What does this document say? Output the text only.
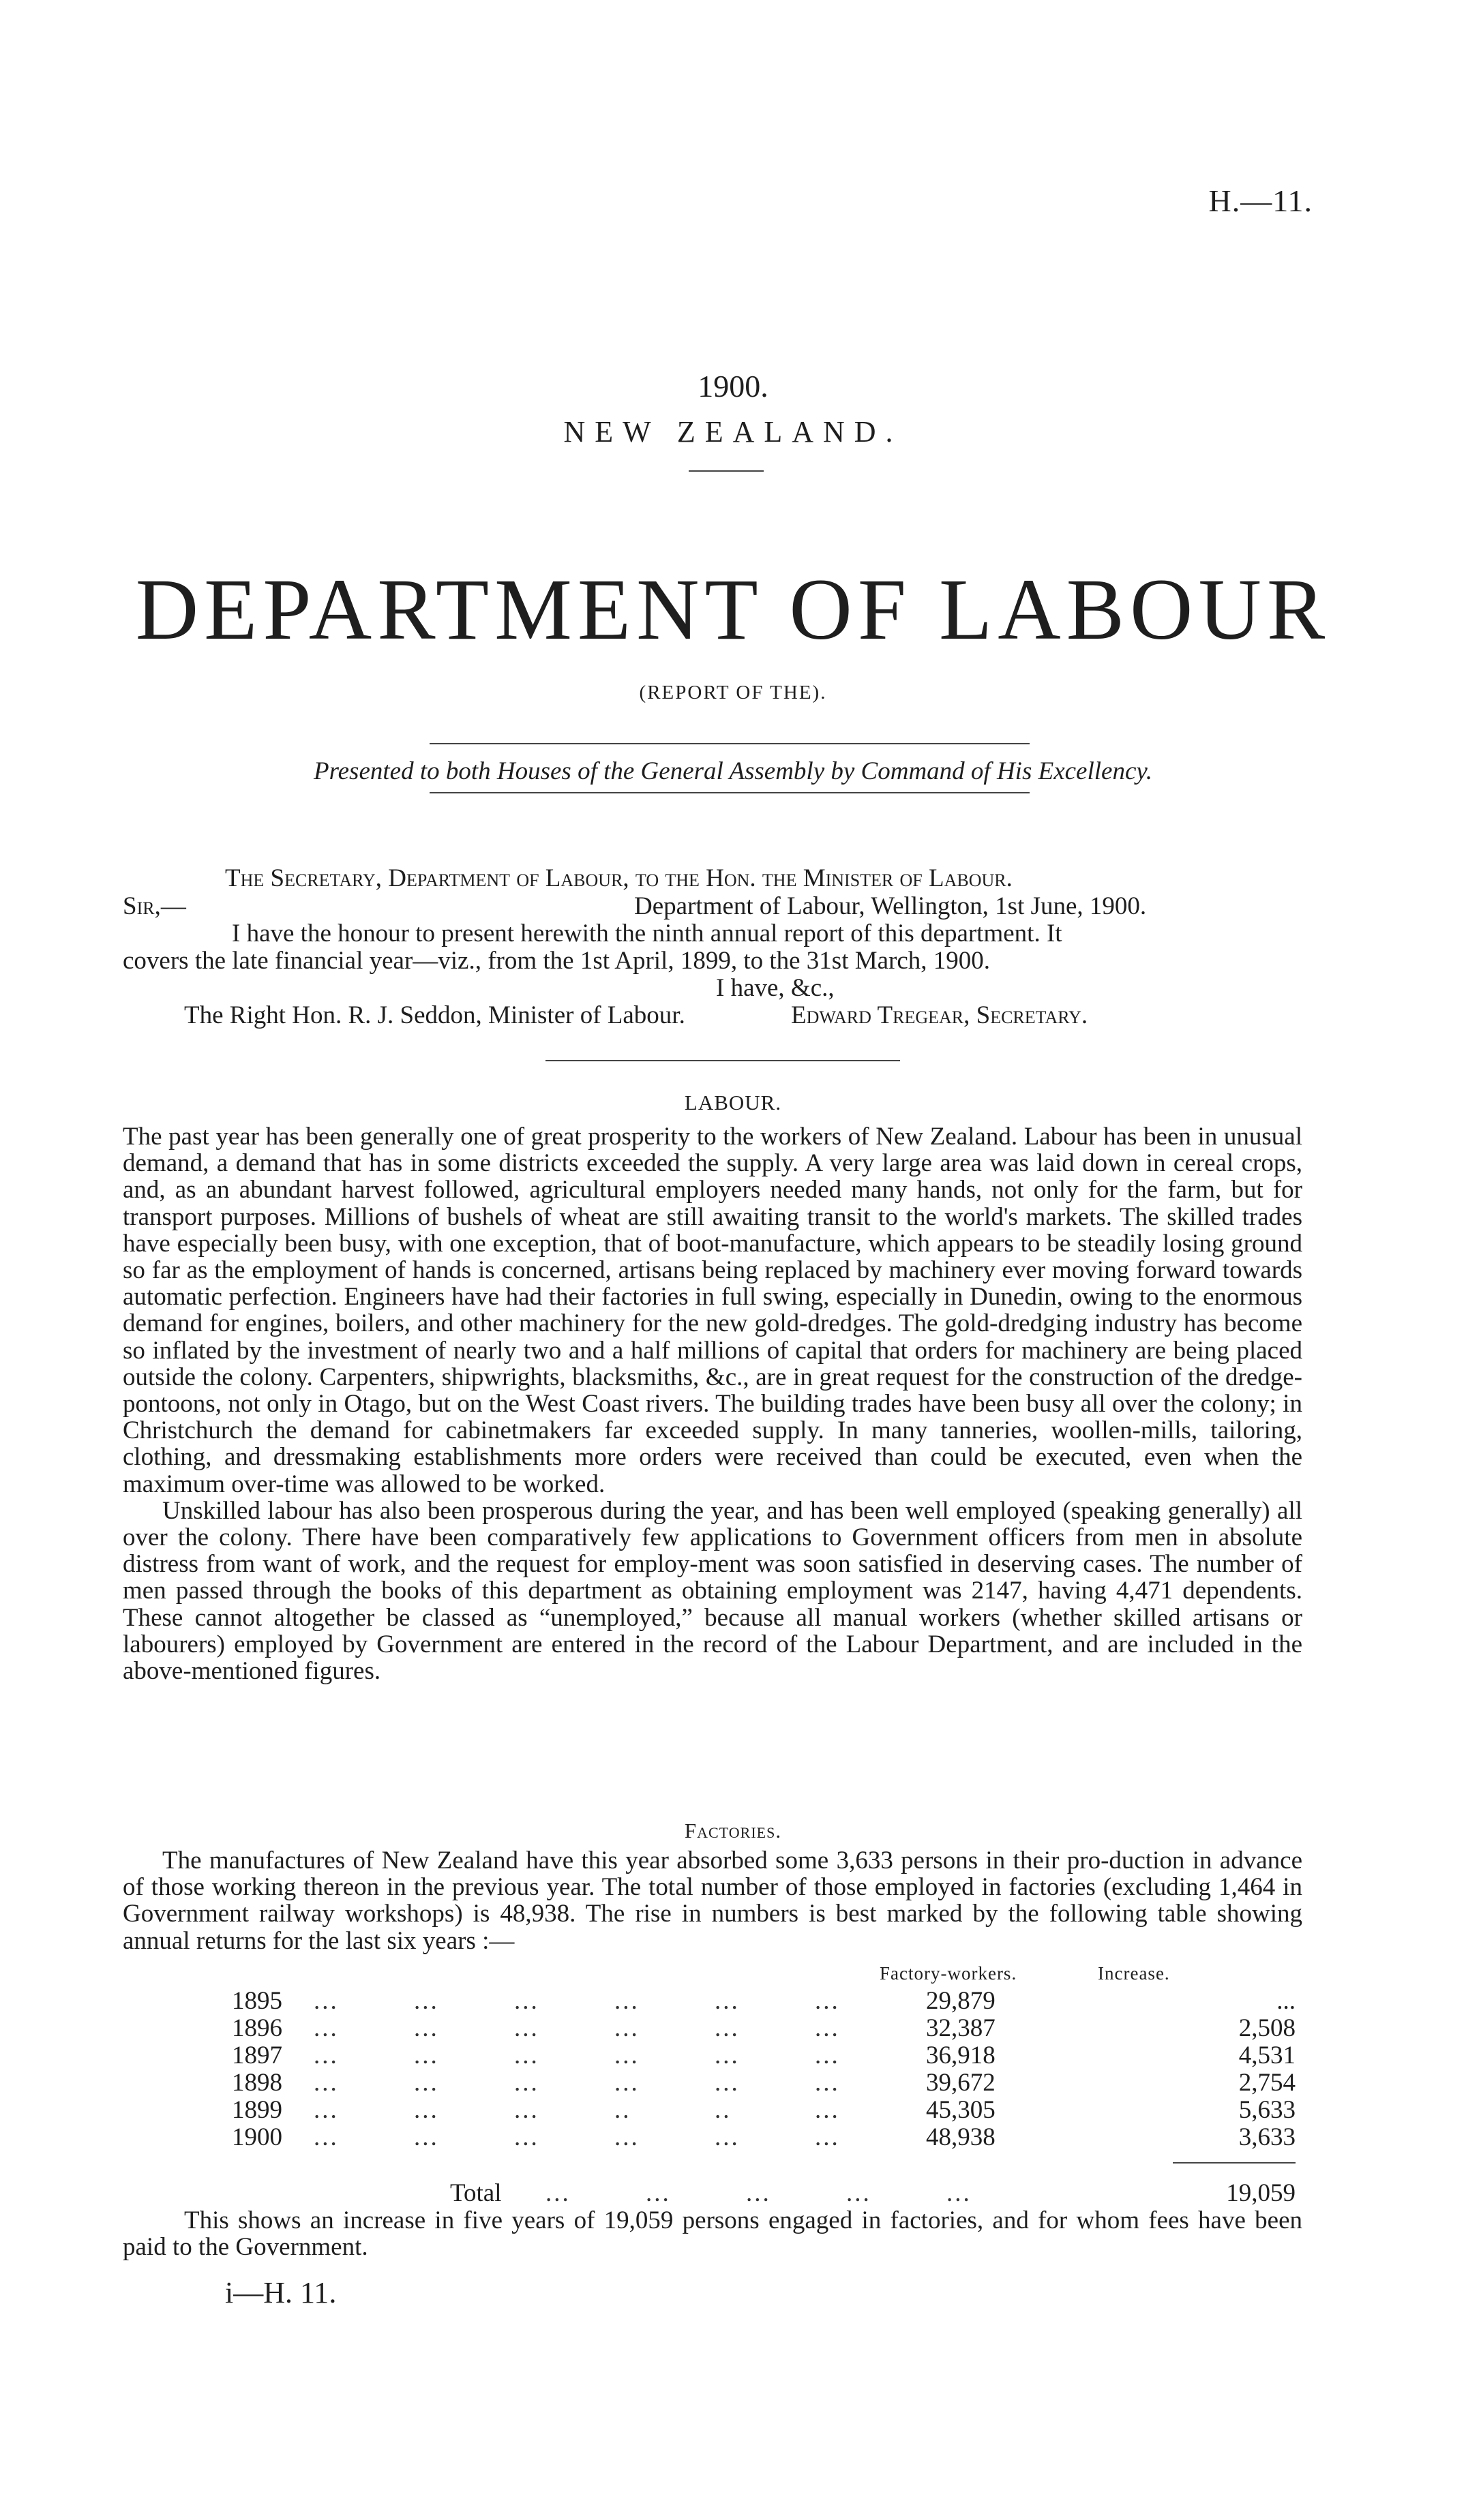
H.—11.
1900.
NEW ZEALAND.
DEPARTMENT OF LABOUR
(REPORT OF THE).
Presented to both Houses of the General Assembly by Command of His Excellency.
The Secretary, Department of Labour, to the Hon. the Minister of Labour.
Sir,—	Department of Labour, Wellington, 1st June, 1900.
I have the honour to present herewith the ninth annual report of this department. It
covers the late financial year—viz., from the 1st April, 1899, to the 31st March, 1900.
I have, &c.,
The Right Hon. R. J. Seddon, Minister of Labour.	Edward Tregear, Secretary.
LABOUR.

The past year has been generally one of great prosperity to the workers of New Zealand. Labour has been in unusual demand, a demand that has in some districts exceeded the supply. A very large area was laid down in cereal crops, and, as an abundant harvest followed, agricultural employers needed many hands, not only for the farm, but for transport purposes. Millions of bushels of wheat are still awaiting transit to the world's markets. The skilled trades have especially been busy, with one exception, that of boot-manufacture, which appears to be steadily losing ground so far as the employment of hands is concerned, artisans being replaced by machinery ever moving forward towards automatic perfection. Engineers have had their factories in full swing, especially in Dunedin, owing to the enormous demand for engines, boilers, and other machinery for the new gold-dredges. The gold-dredging industry has become so inflated by the investment of nearly two and a half millions of capital that orders for machinery are being placed outside the colony. Carpenters, shipwrights, blacksmiths, &c., are in great request for the construction of the dredge-pontoons, not only in Otago, but on the West Coast rivers. The building trades have been busy all over the colony; in Christchurch the demand for cabinetmakers far exceeded supply. In many tanneries, woollen-mills, tailoring, clothing, and dressmaking establishments more orders were received than could be executed, even when the maximum over-time was allowed to be worked.

Unskilled labour has also been prosperous during the year, and has been well employed (speaking generally) all over the colony. There have been comparatively few applications to Government officers from men in absolute distress from want of work, and the request for employ-ment was soon satisfied in deserving cases. The number of men passed through the books of this department as obtaining employment was 2147, having 4,471 dependents. These cannot altogether be classed as “unemployed,” because all manual workers (whether skilled artisans or labourers) employed by Government are entered in the record of the Labour Department, and are included in the above-mentioned figures.

Factories.

The manufactures of New Zealand have this year absorbed some 3,633 persons in their pro-duction in advance of those working thereon in the previous year. The total number of those employed in factories (excluding 1,464 in Government railway workshops) is 48,938. The rise in numbers is best marked by the following table showing annual returns for the last six years :—

Factory-workers.	Increase.
1895 ...         ...         ...         ...         ...         ...	29,879	...
1896 ...         ...         ...         ...         ...         ...	32,387	2,508
1897 ...         ...         ...         ...         ...         ...	36,918	4,531
1898 ...         ...         ...         ...         ...         ...	39,672	2,754
1899 ...         ...         ...         ..          ..          ...	45,305	5,633
1900 ...         ...         ...         ...         ...         ...	48,938	3,633
Total ...         ...         ...         ...         ...	19,059

This shows an increase in five years of 19,059 persons engaged in factories, and for whom fees have been paid to the Government.

i—H. 11.
